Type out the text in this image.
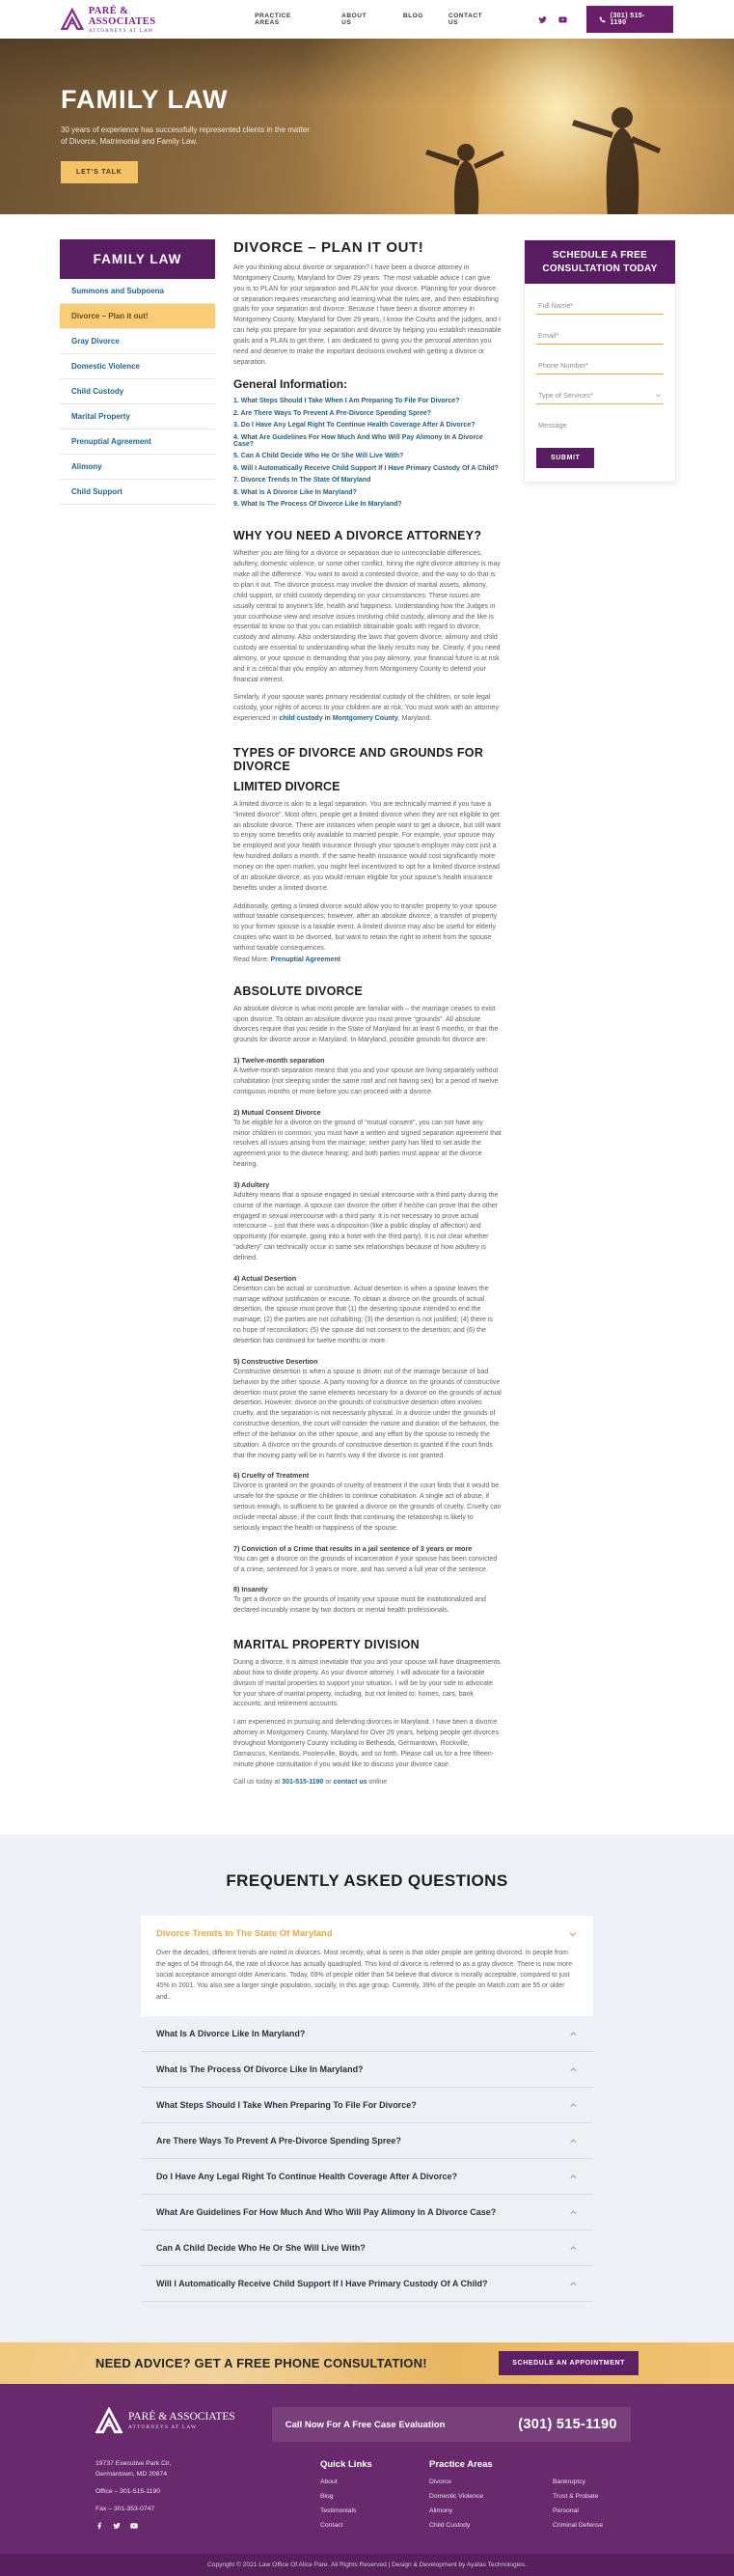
PARÉ & ASSOCIATES
ATTORNEYS AT LAW
PRACTICE AREAS
ABOUT US
BLOG	CONTACT US
(301) 515-1190
FAMILY LAW

30 years of experience has successfully represented clients in the matter of Divorce, Matrimonial and Family Law.

LET'S TALK
FAMILY LAW
Summons and Subpoena
Divorce – Plan it out!
Gray Divorce
Domestic Violence
Child Custody
Marital Property
Prenuptial Agreement
Alimony
Child Support
DIVORCE – PLAN IT OUT!

Are you thinking about divorce or separation? I have been a divorce attorney in Montgomery County, Maryland for Over 29 years. The most valuable advice I can give you is to PLAN for your separation and PLAN for your divorce. Planning for your divorce or separation requires researching and learning what the rules are, and then establishing goals for your separation and divorce. Because I have been a divorce attorney in Montgomery County, Maryland for Over 29 years, I know the Courts and the judges, and I can help you prepare for your separation and divorce by helping you establish reasonable goals and a PLAN to get there. I am dedicated to giving you the personal attention you need and deserve to make the important decisions involved with getting a divorce or separation.

General Information:
1. What Steps Should I Take When I Am Preparing To File For Divorce?
2. Are There Ways To Prevent A Pre-Divorce Spending Spree?
3. Do I Have Any Legal Right To Continue Health Coverage After A Divorce?
4. What Are Guidelines For How Much And Who Will Pay Alimony In A Divorce Case?
5. Can A Child Decide Who He Or She Will Live With?
6. Will I Automatically Receive Child Support If I Have Primary Custody Of A Child?
7. Divorce Trends In The State Of Maryland
8. What Is A Divorce Like In Maryland?
9. What Is The Process Of Divorce Like In Maryland?
WHY YOU NEED A DIVORCE ATTORNEY?

Whether you are filing for a divorce or separation due to unreconcilable differences, adultery, domestic violence, or some other conflict, hiring the right divorce attorney is may make all the difference. You want to avoid a contested divorce, and the way to do that is to plan it out. The divorce process may involve the division of marital assets, alimony, child support, or child custody depending on your circumstances. These issues are usually central to anyone's life, health and happiness. Understanding how the Judges in your courthouse view and resolve issues involving child custody, alimony and the like is essential to know so that you can establish obtainable goals with regard to divorce, custody and alimony. Also understanding the laws that govern divorce, alimony and child custody are essential to understanding what the likely results may be. Clearly, if you need alimony, or your spouse is demanding that you pay alimony, your financial future is at risk and it is critical that you employ an attorney from Montgomery County to defend your financial interest.

Similarly, if your spouse wants primary residential custody of the children, or sole legal custody, your rights of access to your children are at risk. You must work with an attorney experienced in child custody in Montgomery County, Maryland.

TYPES OF DIVORCE AND GROUNDS FOR DIVORCE
LIMITED DIVORCE

A limited divorce is akin to a legal separation. You are technically married if you have a “limited divorce”. Most often, people get a limited divorce when they are not eligible to get an absolute divorce. There are instances when people want to get a divorce, but still want to enjoy some benefits only available to married people. For example, your spouse may be employed and your health insurance through your spouse's employer may cost just a few hundred dollars a month. If the same health insurance would cost significantly more money on the open market, you might feel incentivized to opt for a limited divorce instead of an absolute divorce, as you would remain eligible for your spouse's health insurance benefits under a limited divorce.

Additionally, getting a limited divorce would allow you to transfer property to your spouse without taxable consequences; however, after an absolute divorce, a transfer of property to your former spouse is a taxable event. A limited divorce may also be useful for elderly couples who want to be divorced, but want to retain the right to inherit from the spouse without taxable consequences.

Read More: Prenuptial Agreement
ABSOLUTE DIVORCE

An absolute divorce is what most people are familiar with – the marriage ceases to exist upon divorce. To obtain an absolute divorce you must prove “grounds”. All absolute divorces require that you reside in the State of Maryland for at least 6 months, or that the grounds for divorce arose in Maryland. In Maryland, possible grounds for divorce are:

1) Twelve-month separation

A twelve-month separation means that you and your spouse are living separately without cohabitation (not sleeping under the same roof and not having sex) for a period of twelve contiguous months or more before you can proceed with a divorce.

2) Mutual Consent Divorce

To be eligible for a divorce on the ground of “mutual consent”, you can not have any minor children in common; you must have a written and signed separation agreement that resolves all issues arising from the marriage; neither party has filed to set aside the agreement prior to the divorce hearing; and both parties must appear at the divorce hearing.

3) Adultery

Adultery means that a spouse engaged in sexual intercourse with a third party during the course of the marriage. A spouse can divorce the other if he/she can prove that the other engaged in sexual intercourse with a third party. It is not necessary to prove actual intercourse – just that there was a disposition (like a public display of affection) and opportunity (for example, going into a hotel with the third party). It is not clear whether “adultery” can technically occur in same sex relationships because of how adultery is defined.

4) Actual Desertion

Desertion can be actual or constructive. Actual desertion is when a spouse leaves the marriage without justification or excuse. To obtain a divorce on the grounds of actual desertion, the spouse must prove that (1) the deserting spouse intended to end the marriage; (2) the parties are not cohabiting; (3) the desertion is not justified; (4) there is no hope of reconciliation; (5) the spouse did not consent to the desertion; and (6) the desertion has continued for twelve months or more.

5) Constructive Desertion

Constructive desertion is when a spouse is driven out of the marriage because of bad behavior by the other spouse. A party moving for a divorce on the grounds of constructive desertion must prove the same elements necessary for a divorce on the grounds of actual desertion. However, divorce on the grounds of constructive desertion often involves cruelty, and the separation is not necessarily physical. In a divorce under the grounds of constructive desertion, the court will consider the nature and duration of the behavior, the effect of the behavior on the other spouse, and any effort by the spouse to remedy the situation. A divorce on the grounds of constructive desertion is granted if the court finds that the moving party will be in harm's way if the divorce is not granted.

6) Cruelty of Treatment

Divorce is granted on the grounds of cruelty of treatment if the court finds that it would be unsafe for the spouse or the children to continue cohabitation. A single act of abuse, if serious enough, is sufficient to be granted a divorce on the grounds of cruelty. Cruelty can include mental abuse, if the court finds that continuing the relationship is likely to seriously impact the health or happiness of the spouse.

7) Conviction of a Crime that results in a jail sentence of 3 years or more

You can get a divorce on the grounds of incarceration if your spouse has been convicted of a crime, sentenced for 3 years or more, and has served a full year of the sentence.

8) Insanity

To get a divorce on the grounds of insanity your spouse must be institutionalized and declared incurably insane by two doctors or mental health professionals.

MARITAL PROPERTY DIVISION

During a divorce, it is almost inevitable that you and your spouse will have disagreements about how to divide property. As your divorce attorney, I will advocate for a favorable division of marital properties to support your situation. I will be by your side to advocate for your share of marital property, including, but not limited to: homes, cars, bank accounts, and retirement accounts.

I am experienced in pursuing and defending divorces in Maryland. I have been a divorce attorney in Montgomery County, Maryland for Over 29 years, helping people get divorces throughout Montgomery County including in Bethesda, Germantown, Rockville, Damascus, Kentlands, Poolesville, Boyds, and so forth. Please call us for a free fifteen-minute phone consultation if you would like to discuss your divorce case.

Call us today at 301-515-1190 or contact us online

SCHEDULE A FREE CONSULTATION TODAY
Full Name*
Email*
Phone Number*
Type of Services*
Message SUBMIT
FREQUENTLY ASKED QUESTIONS
Divorce Trends In The State Of Maryland
Over the decades, different trends are noted in divorces. Most recently, what is seen is that older people are getting divorced. In people from the ages of 54 through 64, the rate of divorce has actually quadrupled. This kind of divorce is referred to as a gray divorce. There is now more social acceptance amongst older Americans. Today, 69% of people older than 54 believe that divorce is morally acceptable, compared to just 45% in 2001. You also see a larger single population, socially, in this age group. Currently, 39% of the people on Match.com are 55 or older and..
What Is A Divorce Like In Maryland?
What Is The Process Of Divorce Like In Maryland?
What Steps Should I Take When Preparing To File For Divorce?
Are There Ways To Prevent A Pre-Divorce Spending Spree?
Do I Have Any Legal Right To Continue Health Coverage After A Divorce?
What Are Guidelines For How Much And Who Will Pay Alimony In A Divorce Case?
Can A Child Decide Who He Or She Will Live With?
Will I Automatically Receive Child Support If I Have Primary Custody Of A Child?
NEED ADVICE? GET A FREE PHONE CONSULTATION!	SCHEDULE AN APPOINTMENT
PARÉ & ASSOCIATES
ATTORNEYS AT LAW	Call Now For A Free Case Evaluation	(301) 515-1190
19737 Executive Park Cir,
Germantown, MD 20874
Office – 301-515-1190
Fax – 301-353-0747
Quick Links
About
Blog
Testimonials
Contact
Practice Areas
Divorce
Domestic Violence
Alimony
Child Custody
Bankruptcy
Trust & Probate
Personal
Criminal Defense
Copyright © 2021 Law Office Of Alice Pare. All Rights Reserved | Design & Development by Ayatas Technologies.
